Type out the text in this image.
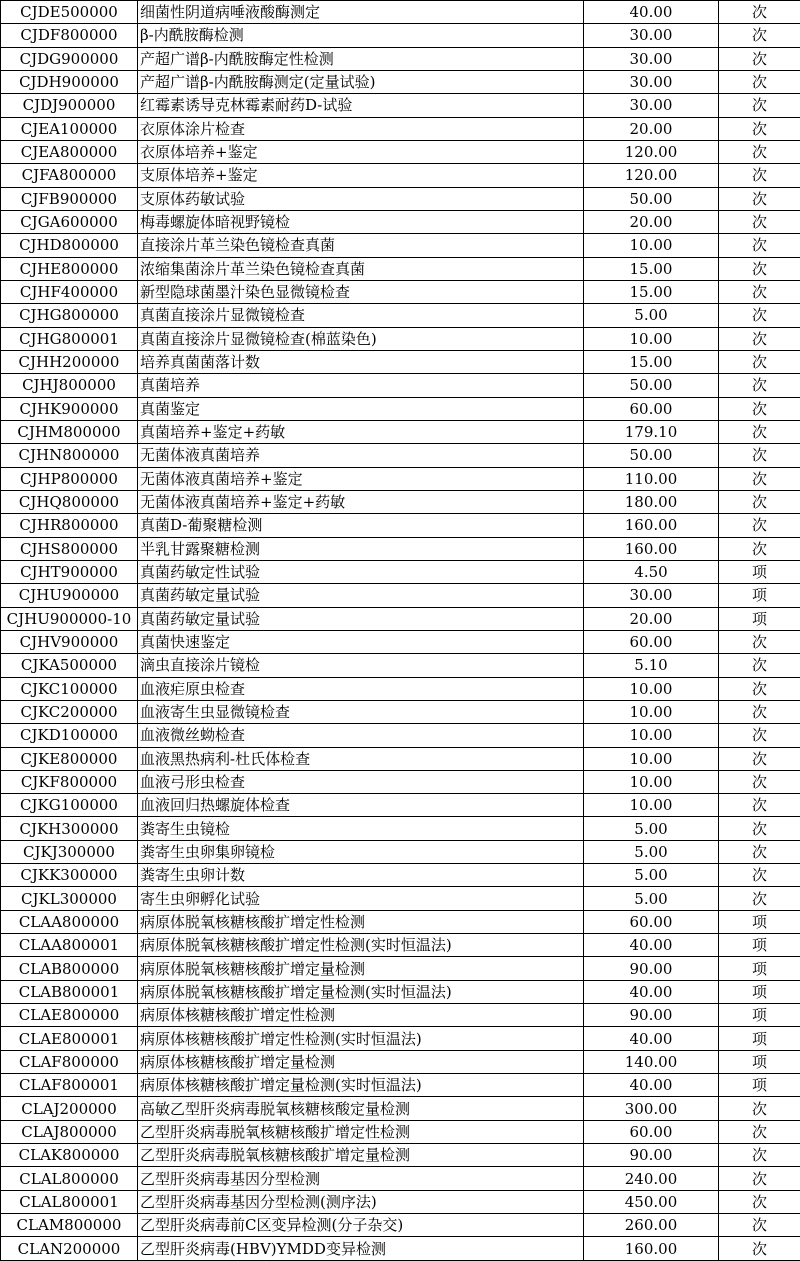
CJDE500000	细菌性阴道病唾液酸酶测定	40.00	次
CJDF800000	β-内酰胺酶检测	30.00	次
CJDG900000	产超广谱β-内酰胺酶定性检测	30.00	次
CJDH900000	产超广谱β-内酰胺酶测定(定量试验)	30.00	次
CJDJ900000	红霉素诱导克林霉素耐药D-试验	30.00	次
CJEA100000	衣原体涂片检查	20.00	次
CJEA800000	衣原体培养+鉴定	120.00	次
CJFA800000	支原体培养+鉴定	120.00	次
CJFB900000	支原体药敏试验	50.00	次
CJGA600000	梅毒螺旋体暗视野镜检	20.00	次
CJHD800000	直接涂片革兰染色镜检查真菌	10.00	次
CJHE800000	浓缩集菌涂片革兰染色镜检查真菌	15.00	次
CJHF400000	新型隐球菌墨汁染色显微镜检查	15.00	次
CJHG800000	真菌直接涂片显微镜检查	5.00	次
CJHG800001	真菌直接涂片显微镜检查(棉蓝染色)	10.00	次
CJHH200000	培养真菌菌落计数	15.00	次
CJHJ800000	真菌培养	50.00	次
CJHK900000	真菌鉴定	60.00	次
CJHM800000	真菌培养+鉴定+药敏	179.10	次
CJHN800000	无菌体液真菌培养	50.00	次
CJHP800000	无菌体液真菌培养+鉴定	110.00	次
CJHQ800000	无菌体液真菌培养+鉴定+药敏	180.00	次
CJHR800000	真菌D-葡聚糖检测	160.00	次
CJHS800000	半乳甘露聚糖检测	160.00	次
CJHT900000	真菌药敏定性试验	4.50	项
CJHU900000	真菌药敏定量试验	30.00	项
CJHU900000-10	真菌药敏定量试验	20.00	项
CJHV900000	真菌快速鉴定	60.00	次
CJKA500000	滴虫直接涂片镜检	5.10	次
CJKC100000	血液疟原虫检查	10.00	次
CJKC200000	血液寄生虫显微镜检查	10.00	次
CJKD100000	血液微丝蚴检查	10.00	次
CJKE800000	血液黑热病利-杜氏体检查	10.00	次
CJKF800000	血液弓形虫检查	10.00	次
CJKG100000	血液回归热螺旋体检查	10.00	次
CJKH300000	粪寄生虫镜检	5.00	次
CJKJ300000	粪寄生虫卵集卵镜检	5.00	次
CJKK300000	粪寄生虫卵计数	5.00	次
CJKL300000	寄生虫卵孵化试验	5.00	次
CLAA800000	病原体脱氧核糖核酸扩增定性检测	60.00	项
CLAA800001	病原体脱氧核糖核酸扩增定性检测(实时恒温法)	40.00	项
CLAB800000	病原体脱氧核糖核酸扩增定量检测	90.00	项
CLAB800001	病原体脱氧核糖核酸扩增定量检测(实时恒温法)	40.00	项
CLAE800000	病原体核糖核酸扩增定性检测	90.00	项
CLAE800001	病原体核糖核酸扩增定性检测(实时恒温法)	40.00	项
CLAF800000	病原体核糖核酸扩增定量检测	140.00	项
CLAF800001	病原体核糖核酸扩增定量检测(实时恒温法)	40.00	项
CLAJ200000	高敏乙型肝炎病毒脱氧核糖核酸定量检测	300.00	次
CLAJ800000	乙型肝炎病毒脱氧核糖核酸扩增定性检测	60.00	次
CLAK800000	乙型肝炎病毒脱氧核糖核酸扩增定量检测	90.00	次
CLAL800000	乙型肝炎病毒基因分型检测	240.00	次
CLAL800001	乙型肝炎病毒基因分型检测(测序法)	450.00	次
CLAM800000	乙型肝炎病毒前C区变异检测(分子杂交)	260.00	次
CLAN200000	乙型肝炎病毒(HBV)YMDD变异检测	160.00	次
